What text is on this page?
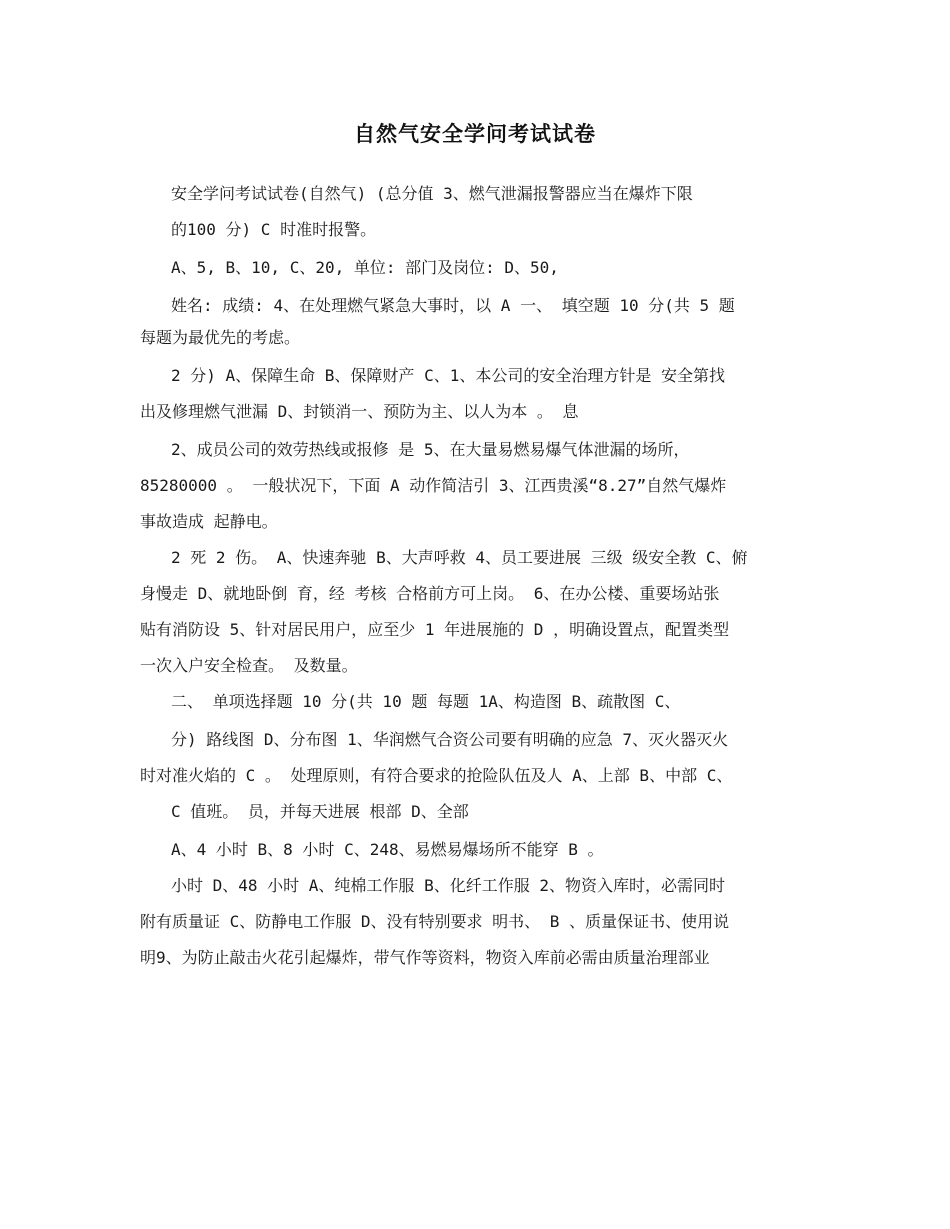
自然气安全学问考试试卷
安全学问考试试卷(自然气) (总分值 3、燃气泄漏报警器应当在爆炸下限
的100 分) C 时准时报警。
A、5, B、10, C、20, 单位: 部门及岗位: D、50,
姓名: 成绩: 4、在处理燃气紧急大事时，以 A 一、 填空题 10 分(共 5 题
每题为最优先的考虑。
2 分) A、保障生命 B、保障财产 C、1、本公司的安全治理方针是 安全第找
出及修理燃气泄漏 D、封锁消一、预防为主、以人为本 。 息
2、成员公司的效劳热线或报修 是 5、在大量易燃易爆气体泄漏的场所，
85280000 。 一般状况下，下面 A 动作简洁引 3、江西贵溪“8.27”自然气爆炸
事故造成 起静电。
2 死 2 伤。 A、快速奔驰 B、大声呼救 4、员工要进展 三级 级安全教 C、俯
身慢走 D、就地卧倒 育，经 考核 合格前方可上岗。 6、在办公楼、重要场站张
贴有消防设 5、针对居民用户，应至少 1 年进展施的 D ，明确设置点，配置类型
一次入户安全检查。 及数量。
二、 单项选择题 10 分(共 10 题 每题 1A、构造图 B、疏散图 C、
分) 路线图 D、分布图 1、华润燃气合资公司要有明确的应急 7、灭火器灭火
时对准火焰的 C 。 处理原则，有符合要求的抢险队伍及人 A、上部 B、中部 C、
C 值班。 员，并每天进展 根部 D、全部
A、4 小时 B、8 小时 C、248、易燃易爆场所不能穿 B 。
小时 D、48 小时 A、纯棉工作服 B、化纤工作服 2、物资入库时，必需同时
附有质量证 C、防静电工作服 D、没有特别要求 明书、 B 、质量保证书、使用说
明9、为防止敲击火花引起爆炸，带气作等资料，物资入库前必需由质量治理部业
